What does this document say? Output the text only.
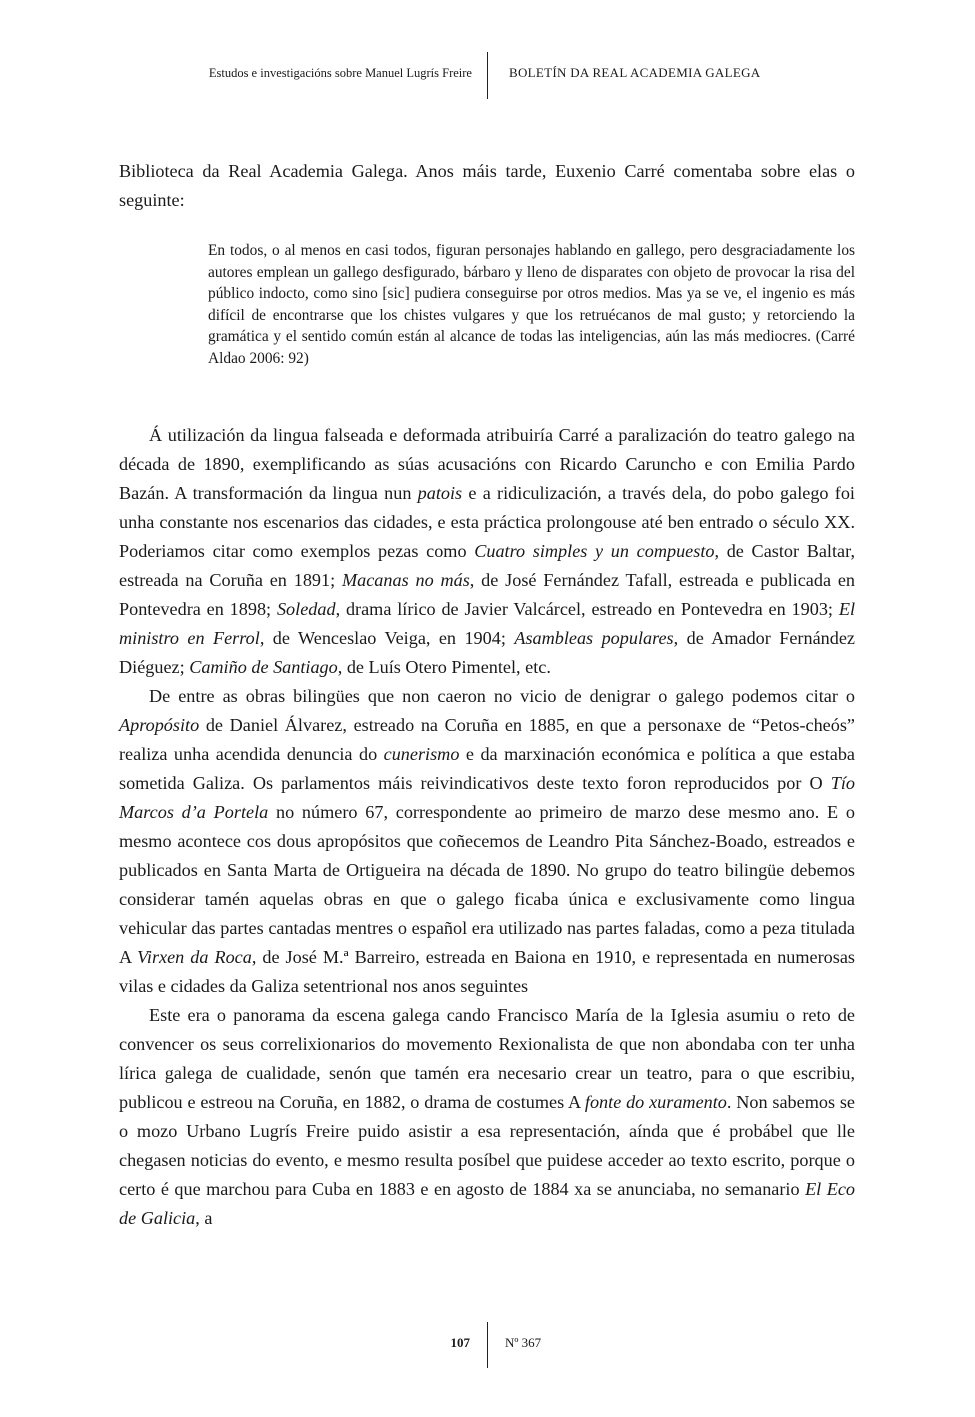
Estudos e investigacións sobre Manuel Lugrís Freire	BOLETÍN DA REAL ACADEMIA GALEGA

Biblioteca da Real Academia Galega. Anos máis tarde, Euxenio Carré comentaba sobre elas o seguinte:

En todos, o al menos en casi todos, figuran personajes hablando en gallego, pero desgraciadamente los autores emplean un gallego desfigurado, bárbaro y lleno de disparates con objeto de provocar la risa del público indocto, como sino [sic] pudiera conseguirse por otros medios. Mas ya se ve, el ingenio es más difícil de encontrarse que los chistes vulgares y que los retruécanos de mal gusto; y retorciendo la gramática y el sentido común están al alcance de todas las inteligencias, aún las más mediocres. (Carré Aldao 2006: 92)

Á utilización da lingua falseada e deformada atribuiría Carré a paralización do teatro galego na década de 1890, exemplificando as súas acusacións con Ricardo Caruncho e con Emilia Pardo Bazán. A transformación da lingua nun patois e a ridiculización, a través dela, do pobo galego foi unha constante nos escenarios das cidades, e esta práctica prolongouse até ben entrado o século XX. Poderiamos citar como exemplos pezas como Cuatro simples y un compuesto, de Castor Baltar, estreada na Coruña en 1891; Macanas no más, de José Fernández Tafall, estreada e publicada en Pontevedra en 1898; Soledad, drama lírico de Javier Valcárcel, estreado en Pontevedra en 1903; El ministro en Ferrol, de Wenceslao Veiga, en 1904; Asambleas populares, de Amador Fernández Diéguez; Camiño de Santiago, de Luís Otero Pimentel, etc.

De entre as obras bilingües que non caeron no vicio de denigrar o galego podemos citar o Apropósito de Daniel Álvarez, estreado na Coruña en 1885, en que a personaxe de “Petos-cheós” realiza unha acendida denuncia do cunerismo e da marxinación económica e política a que estaba sometida Galiza. Os parlamentos máis reivindicativos deste texto foron reproducidos por O Tío Marcos d’a Portela no número 67, correspondente ao primeiro de marzo dese mesmo ano. E o mesmo acontece cos dous apropósitos que coñecemos de Leandro Pita Sánchez-Boado, estreados e publicados en Santa Marta de Ortigueira na década de 1890. No grupo do teatro bilingüe debemos considerar tamén aquelas obras en que o galego ficaba única e exclusivamente como lingua vehicular das partes cantadas mentres o español era utilizado nas partes faladas, como a peza titulada A Virxen da Roca, de José M.ª Barreiro, estreada en Baiona en 1910, e representada en numerosas vilas e cidades da Galiza setentrional nos anos seguintes

Este era o panorama da escena galega cando Francisco María de la Iglesia asumiu o reto de convencer os seus correlixionarios do movemento Rexionalista de que non abondaba con ter unha lírica galega de cualidade, senón que tamén era necesario crear un teatro, para o que escribiu, publicou e estreou na Coruña, en 1882, o drama de costumes A fonte do xuramento. Non sabemos se o mozo Urbano Lugrís Freire puido asistir a esa representación, aínda que é probábel que lle chegasen noticias do evento, e mesmo resulta posíbel que puidese acceder ao texto escrito, porque o certo é que marchou para Cuba en 1883 e en agosto de 1884 xa se anunciaba, no semanario El Eco de Galicia, a

107	Nº 367
